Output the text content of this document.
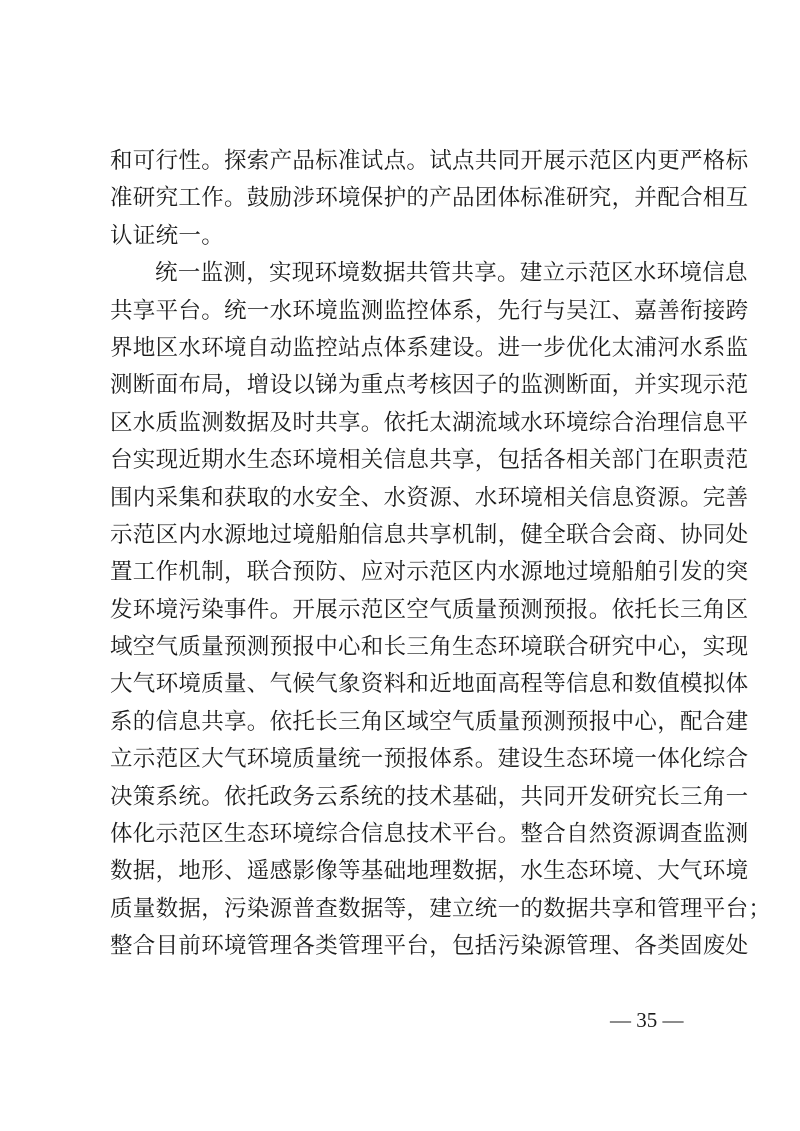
和可行性。探索产品标准试点。试点共同开展示范区内更严格标
准研究工作。鼓励涉环境保护的产品团体标准研究，并配合相互
认证统一。
统一监测，实现环境数据共管共享。建立示范区水环境信息
共享平台。统一水环境监测监控体系，先行与吴江、嘉善衔接跨
界地区水环境自动监控站点体系建设。进一步优化太浦河水系监
测断面布局，增设以锑为重点考核因子的监测断面，并实现示范
区水质监测数据及时共享。依托太湖流域水环境综合治理信息平
台实现近期水生态环境相关信息共享，包括各相关部门在职责范
围内采集和获取的水安全、水资源、水环境相关信息资源。完善
示范区内水源地过境船舶信息共享机制，健全联合会商、协同处
置工作机制，联合预防、应对示范区内水源地过境船舶引发的突
发环境污染事件。开展示范区空气质量预测预报。依托长三角区
域空气质量预测预报中心和长三角生态环境联合研究中心，实现
大气环境质量、气候气象资料和近地面高程等信息和数值模拟体
系的信息共享。依托长三角区域空气质量预测预报中心，配合建
立示范区大气环境质量统一预报体系。建设生态环境一体化综合
决策系统。依托政务云系统的技术基础，共同开发研究长三角一
体化示范区生态环境综合信息技术平台。整合自然资源调查监测
数据，地形、遥感影像等基础地理数据，水生态环境、大气环境
质量数据，污染源普查数据等，建立统一的数据共享和管理平台；
整合目前环境管理各类管理平台，包括污染源管理、各类固废处
— 35 —
